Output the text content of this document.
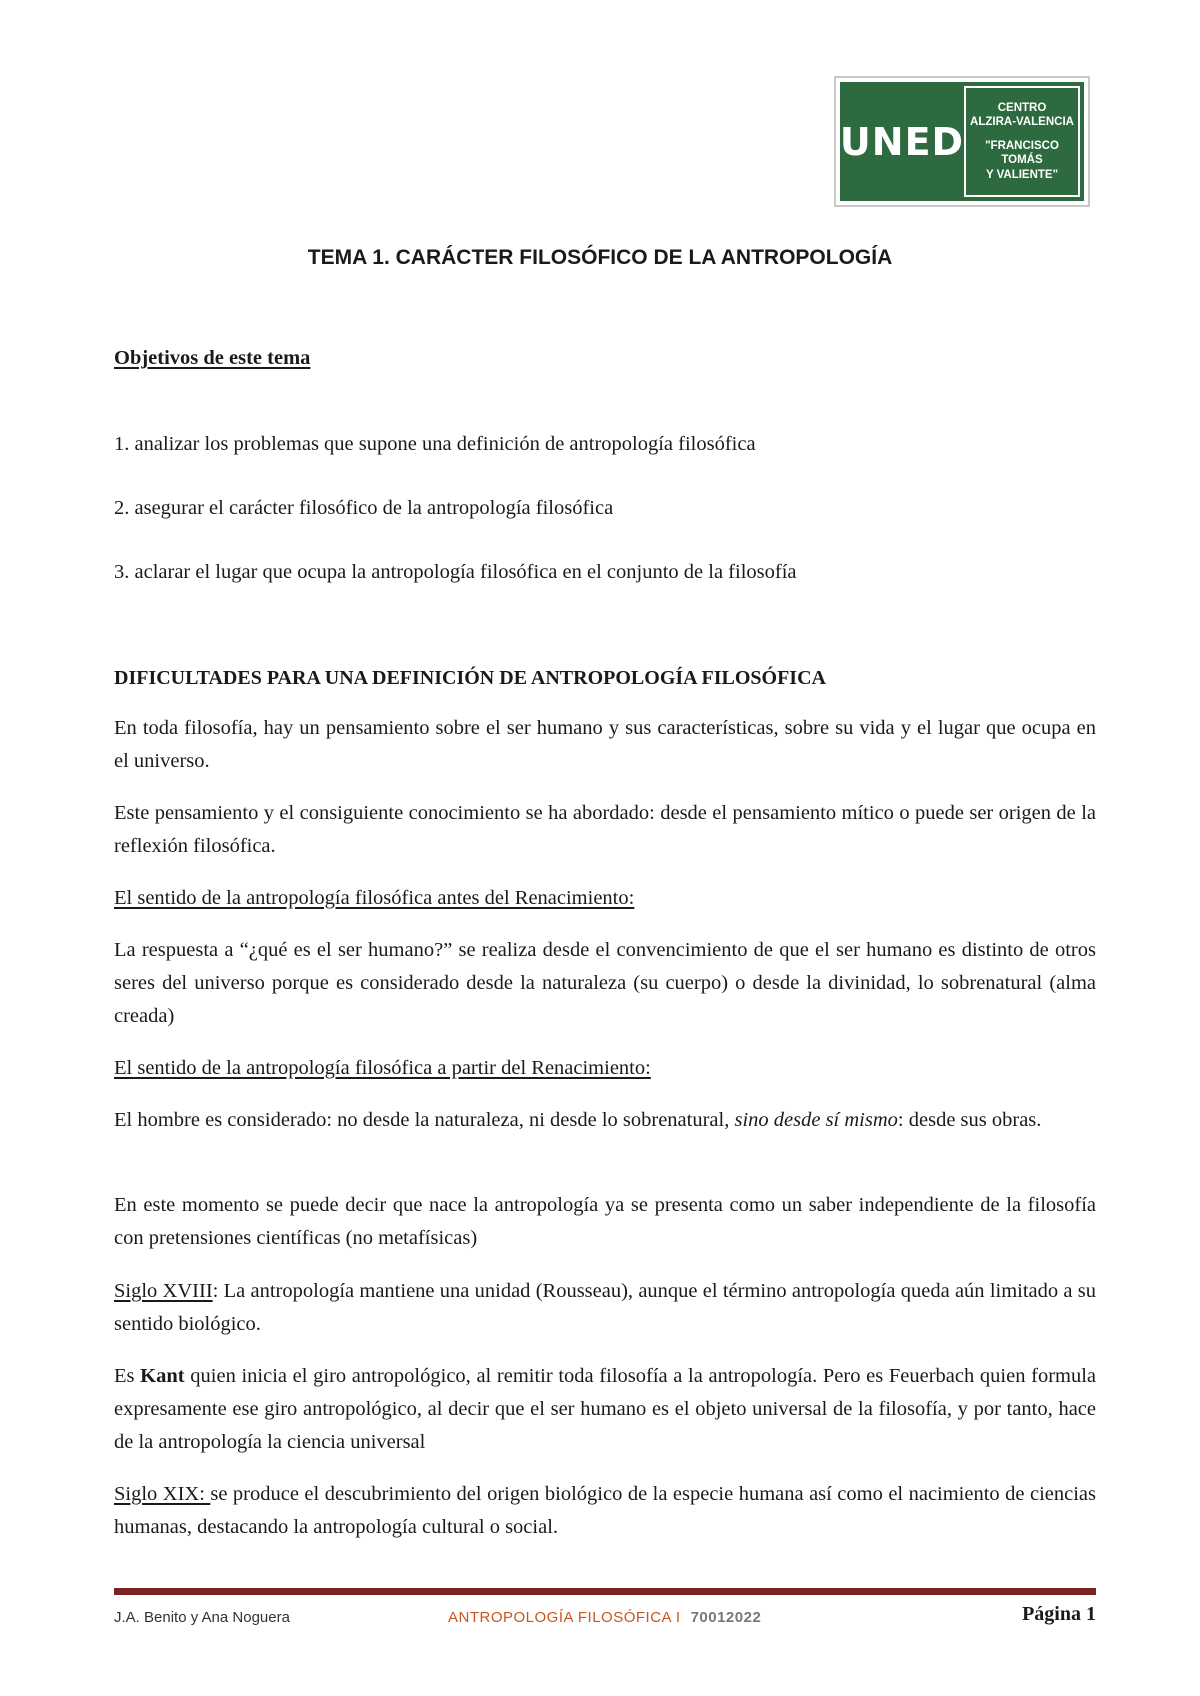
UNED
CENTRO
ALZIRA-VALENCIA
"FRANCISCO
TOMÁS
Y VALIENTE"
TEMA 1. CARÁCTER FILOSÓFICO DE LA ANTROPOLOGÍA
Objetivos de este tema
1. analizar los problemas que supone una definición de antropología filosófica
2. asegurar el carácter filosófico de la antropología filosófica
3. aclarar el lugar que ocupa la antropología filosófica en el conjunto de la filosofía
DIFICULTADES PARA UNA DEFINICIÓN DE ANTROPOLOGÍA FILOSÓFICA
En toda filosofía, hay un pensamiento sobre el ser humano y sus características, sobre su vida y el lugar que ocupa en el universo.
Este pensamiento y el consiguiente conocimiento se ha abordado: desde el pensamiento mítico o puede ser origen de la reflexión filosófica.
El sentido de la antropología filosófica antes del Renacimiento:
La respuesta a “¿qué es el ser humano?” se realiza desde el convencimiento de que el ser humano es distinto de otros seres del universo porque es considerado desde la naturaleza (su cuerpo) o desde la divinidad, lo sobrenatural (alma creada)
El sentido de la antropología filosófica a partir del Renacimiento:
El hombre es considerado: no desde la naturaleza, ni desde lo sobrenatural, sino desde sí mismo: desde sus obras.
En este momento se puede decir que nace la antropología ya se presenta como un saber independiente de la filosofía con pretensiones científicas (no metafísicas)
Siglo XVIII: La antropología mantiene una unidad (Rousseau), aunque el término antropología queda aún limitado a su sentido biológico.
Es Kant quien inicia el giro antropológico, al remitir toda filosofía a la antropología. Pero es Feuerbach quien formula expresamente ese giro antropológico, al decir que el ser humano es el objeto universal de la filosofía, y por tanto, hace de la antropología la ciencia universal
Siglo XIX: se produce el descubrimiento del origen biológico de la especie humana así como el nacimiento de ciencias humanas, destacando la antropología cultural o social.
J.A. Benito y Ana Noguera	ANTROPOLOGÍA FILOSÓFICA I 70012022	Página 1
